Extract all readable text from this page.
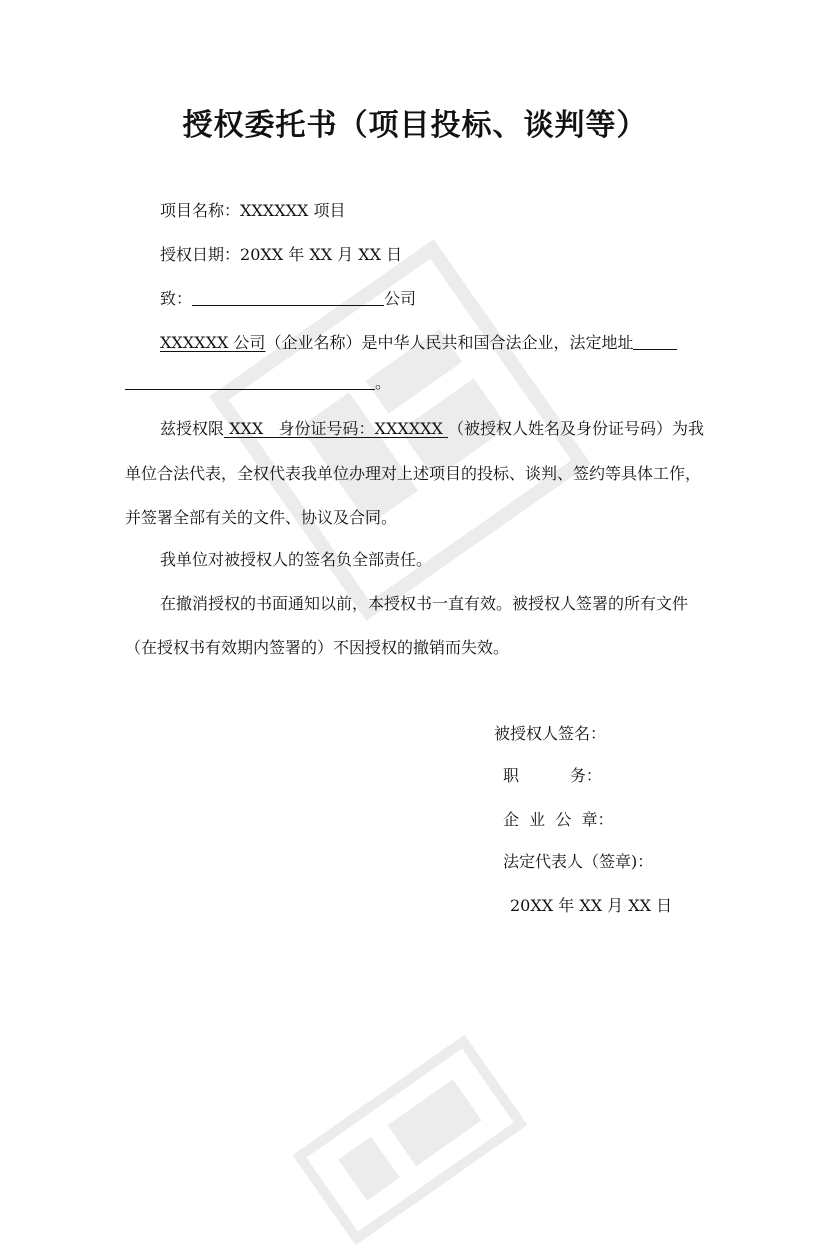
授权委托书（项目投标、谈判等）
项目名称：XXXXXX 项目
授权日期：20XX 年 XX 月 XX 日
致：	公司
XXXXXX 公司（企业名称）是中华人民共和国合法企业，法定地址
。
兹授权限 XXX 身份证号码：XXXXXX （被授权人姓名及身份证号码）为我
单位合法代表，全权代表我单位办理对上述项目的投标、谈判、签约等具体工作，
并签署全部有关的文件、协议及合同。
我单位对被授权人的签名负全部责任。
在撤消授权的书面通知以前，本授权书一直有效。被授权人签署的所有文件
（在授权书有效期内签署的）不因授权的撤销而失效。
被授权人签名：
职          务：
企  业  公  章：
法定代表人（签章)：
20XX 年 XX 月 XX 日
